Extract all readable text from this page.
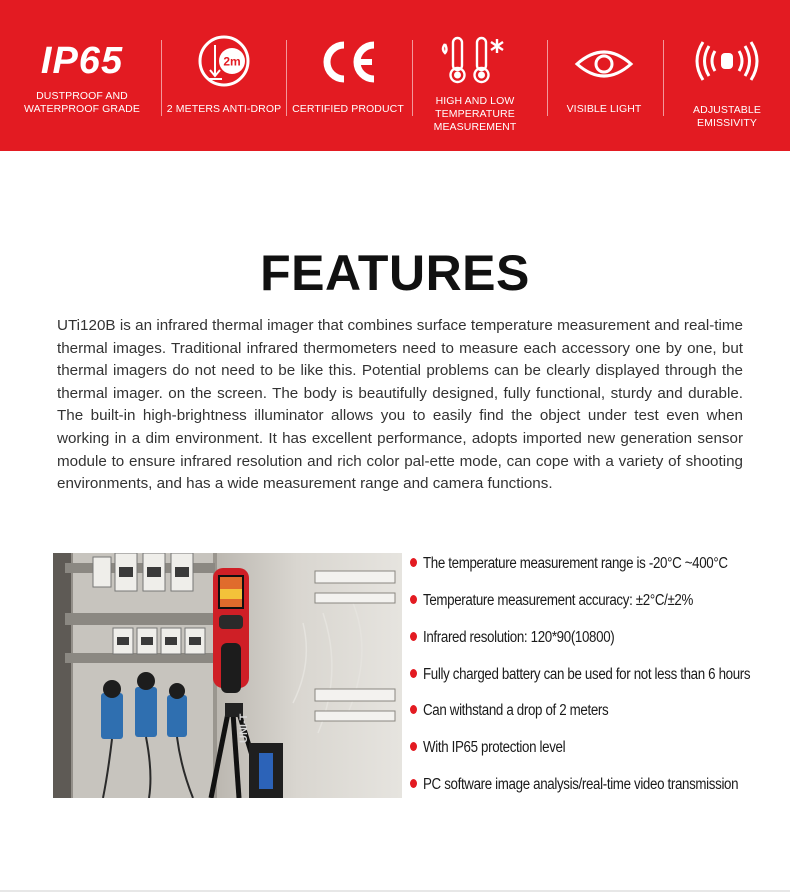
IP65
DUSTPROOF AND
WATERPROOF GRADE
2m
2 METERS ANTI-DROP	CERTIFIED PRODUCT
HIGH AND LOW
TEMPERATURE
MEASUREMENT
VISIBLE LIGHT	ADJUSTABLE
EMISSIVITY
FEATURES
UTi120B is an infrared thermal imager that combines surface temperature measurement and real-time thermal images. Traditional infrared thermometers need to measure each accessory one by one, but thermal imagers do not need to be like this. Potential problems can be clearly displayed through the thermal imager. on the screen. The body is beautifully designed, fully functional, sturdy and durable. The built-in high-brightness illuminator allows you to easily find the object under test even when working in a dim environment. It has excellent performance, adopts imported new generation sensor module to ensure infrared resolution and rich color pal-ette mode, can cope with a variety of shooting environments, and has a wide measurement range and camera functions.
UNI-T
The temperature measurement range is -20°C ~400°C
Temperature measurement accuracy: ±2°C/±2%
Infrared resolution: 120*90(10800)
Fully charged battery can be used for not less than 6 hours
Can withstand a drop of 2 meters
With IP65 protection level
PC software image analysis/real-time video transmission
